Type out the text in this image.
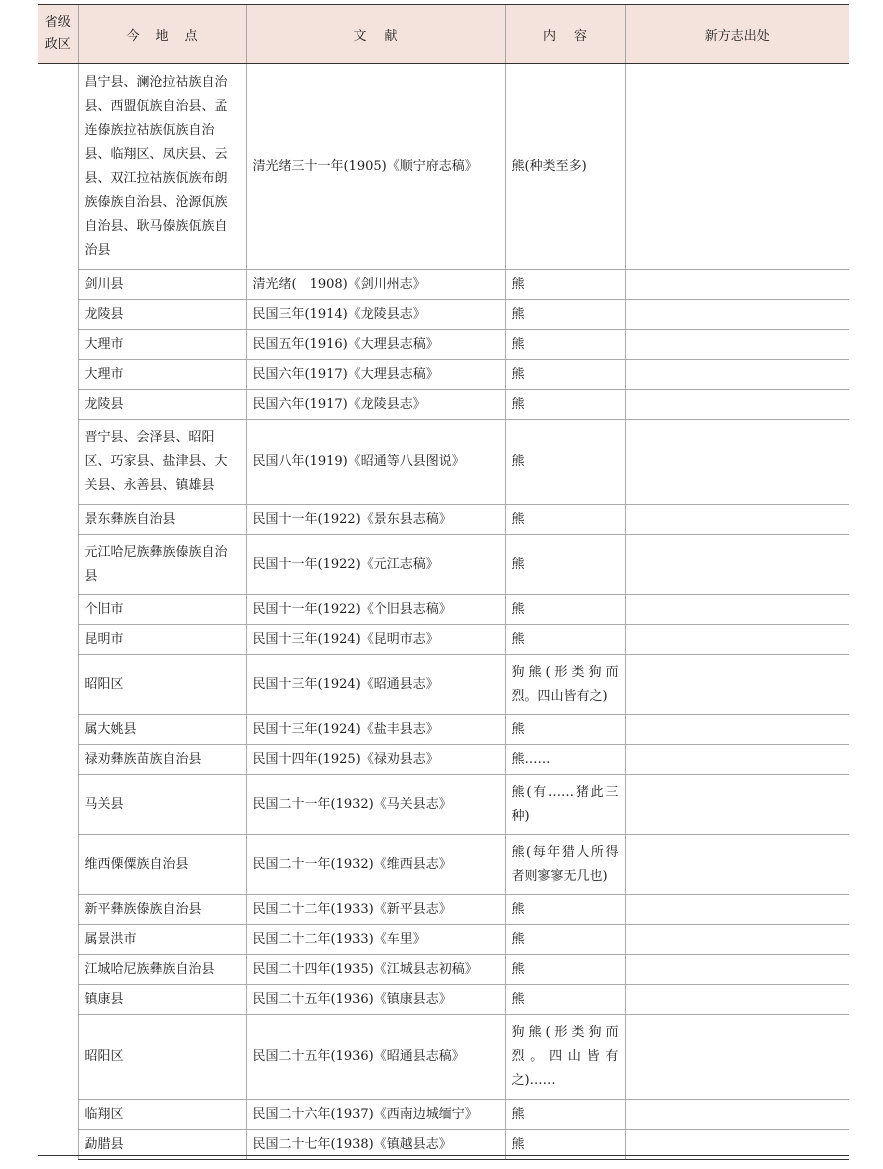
省级
政区	今地点	文献	内容	新方志出处
	昌宁县、澜沧拉祜族自治县、西盟佤族自治县、孟连傣族拉祜族佤族自治县、临翔区、凤庆县、云县、双江拉祜族佤族布朗族傣族自治县、沧源佤族自治县、耿马傣族佤族自治县	清光绪三十一年(1905)《顺宁府志稿》	熊(种类至多)	
	剑川县	清光绪(　1908)《剑川州志》	熊	
	龙陵县	民国三年(1914)《龙陵县志》	熊	
	大理市	民国五年(1916)《大理县志稿》	熊	
	大理市	民国六年(1917)《大理县志稿》	熊	
	龙陵县	民国六年(1917)《龙陵县志》	熊	
	晋宁县、会泽县、昭阳区、巧家县、盐津县、大关县、永善县、镇雄县	民国八年(1919)《昭通等八县图说》	熊	
	景东彝族自治县	民国十一年(1922)《景东县志稿》	熊	
	元江哈尼族彝族傣族自治县	民国十一年(1922)《元江志稿》	熊	
	个旧市	民国十一年(1922)《个旧县志稿》	熊	
	昆明市	民国十三年(1924)《昆明市志》	熊	
	昭阳区	民国十三年(1924)《昭通县志》	狗熊(形类狗而烈。四山皆有之)	
	属大姚县	民国十三年(1924)《盐丰县志》	熊	
	禄劝彝族苗族自治县	民国十四年(1925)《禄劝县志》	熊……	
	马关县	民国二十一年(1932)《马关县志》	熊(有……猪此三种)	
	维西傈僳族自治县	民国二十一年(1932)《维西县志》	熊(每年猎人所得者则寥寥无几也)	
	新平彝族傣族自治县	民国二十二年(1933)《新平县志》	熊	
	属景洪市	民国二十二年(1933)《车里》	熊	
	江城哈尼族彝族自治县	民国二十四年(1935)《江城县志初稿》	熊	
	镇康县	民国二十五年(1936)《镇康县志》	熊	
	昭阳区	民国二十五年(1936)《昭通县志稿》	狗熊(形类狗而烈。四山皆有之)……	
	临翔区	民国二十六年(1937)《西南边城缅宁》	熊	
	勐腊县	民国二十七年(1938)《镇越县志》	熊	
